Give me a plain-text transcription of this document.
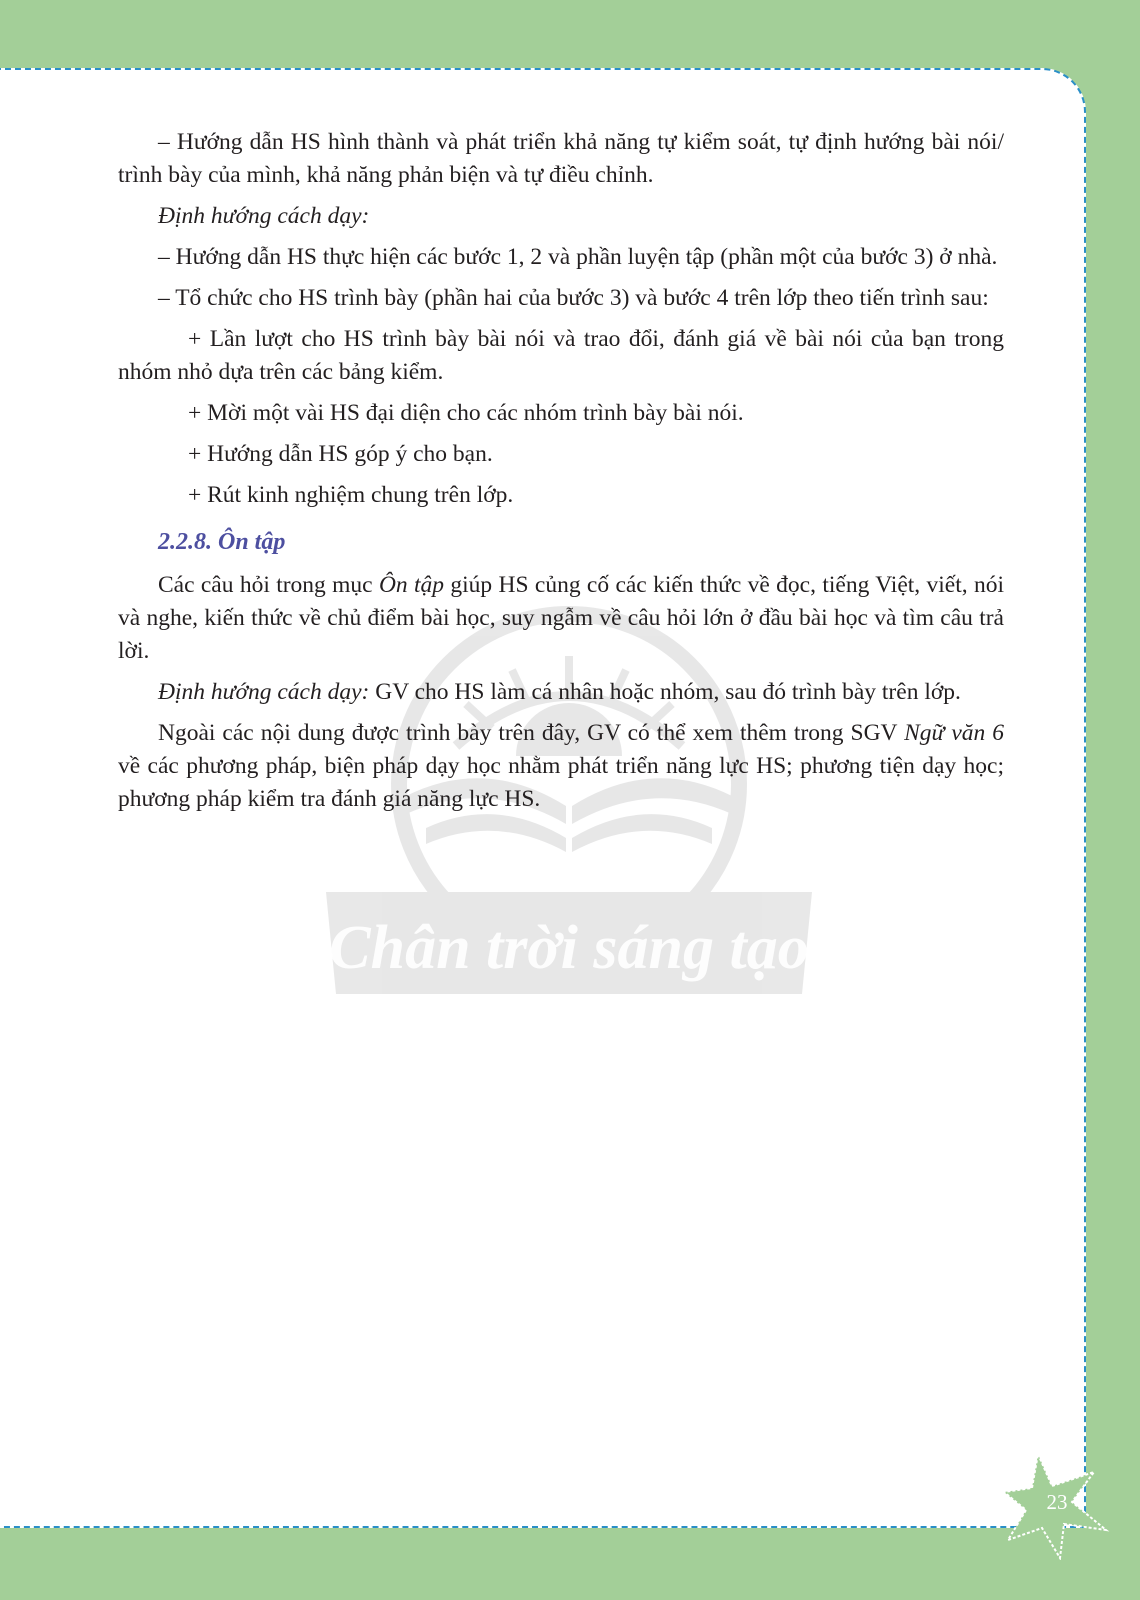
Chân trời sáng tạo

– Hướng dẫn HS hình thành và phát triển khả năng tự kiểm soát, tự định hướng bài nói/ trình bày của mình, khả năng phản biện và tự điều chỉnh.

Định hướng cách dạy:

– Hướng dẫn HS thực hiện các bước 1, 2 và phần luyện tập (phần một của bước 3) ở nhà.

– Tổ chức cho HS trình bày (phần hai của bước 3) và bước 4 trên lớp theo tiến trình sau:

+ Lần lượt cho HS trình bày bài nói và trao đổi, đánh giá về bài nói của bạn trong nhóm nhỏ dựa trên các bảng kiểm.

+ Mời một vài HS đại diện cho các nhóm trình bày bài nói.

+ Hướng dẫn HS góp ý cho bạn.

+ Rút kinh nghiệm chung trên lớp.

2.2.8. Ôn tập

Các câu hỏi trong mục Ôn tập giúp HS củng cố các kiến thức về đọc, tiếng Việt, viết, nói và nghe, kiến thức về chủ điểm bài học, suy ngẫm về câu hỏi lớn ở đầu bài học và tìm câu trả lời.

Định hướng cách dạy: GV cho HS làm cá nhân hoặc nhóm, sau đó trình bày trên lớp.

Ngoài các nội dung được trình bày trên đây, GV có thể xem thêm trong SGV Ngữ văn 6 về các phương pháp, biện pháp dạy học nhằm phát triển năng lực HS; phương tiện dạy học; phương pháp kiểm tra đánh giá năng lực HS.

23
